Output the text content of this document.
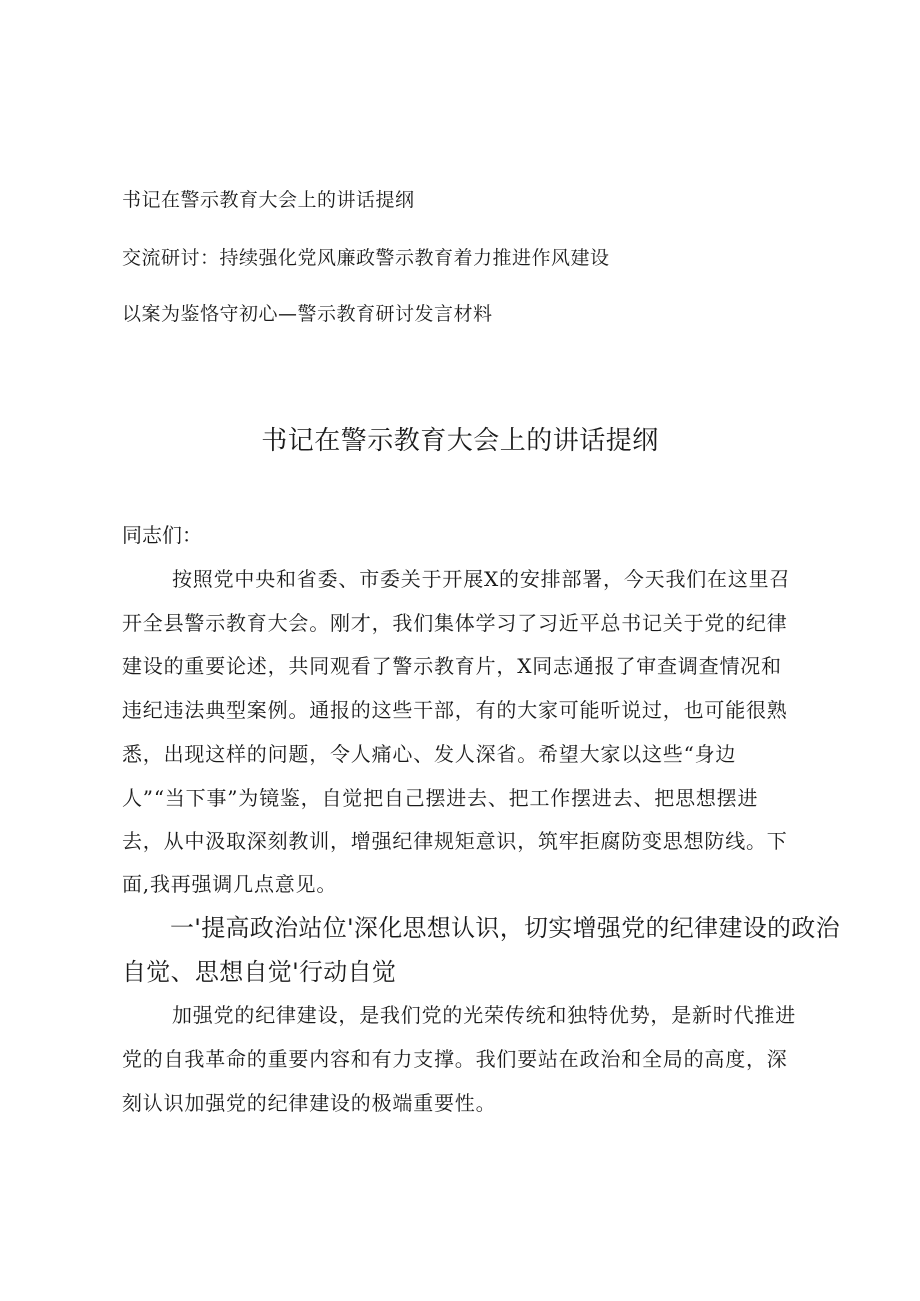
书记在警示教育大会上的讲话提纲
交流研讨：持续强化党风廉政警示教育着力推进作风建设
以案为鉴恪守初心—警示教育研讨发言材料
书记在警示教育大会上的讲话提纲
同志们：
按照党中央和省委、市委关于开展X的安排部署，今天我们在这里召
开全县警示教育大会。刚才，我们集体学习了习近平总书记关于党的纪律
建设的重要论述，共同观看了警示教育片，X同志通报了审查调查情况和
违纪违法典型案例。通报的这些干部，有的大家可能听说过，也可能很熟
悉，出现这样的问题，令人痛心、发人深省。希望大家以这些“身边
人”“当下事”为镜鉴，自觉把自己摆进去、把工作摆进去、把思想摆进
去，从中汲取深刻教训，增强纪律规矩意识，筑牢拒腐防变思想防线。下
面,我再强调几点意见。
一'提高政治站位'深化思想认识，切实增强党的纪律建设的政治
自觉、思想自觉'行动自觉
加强党的纪律建设，是我们党的光荣传统和独特优势，是新时代推进
党的自我革命的重要内容和有力支撑。我们要站在政治和全局的高度，深
刻认识加强党的纪律建设的极端重要性。
